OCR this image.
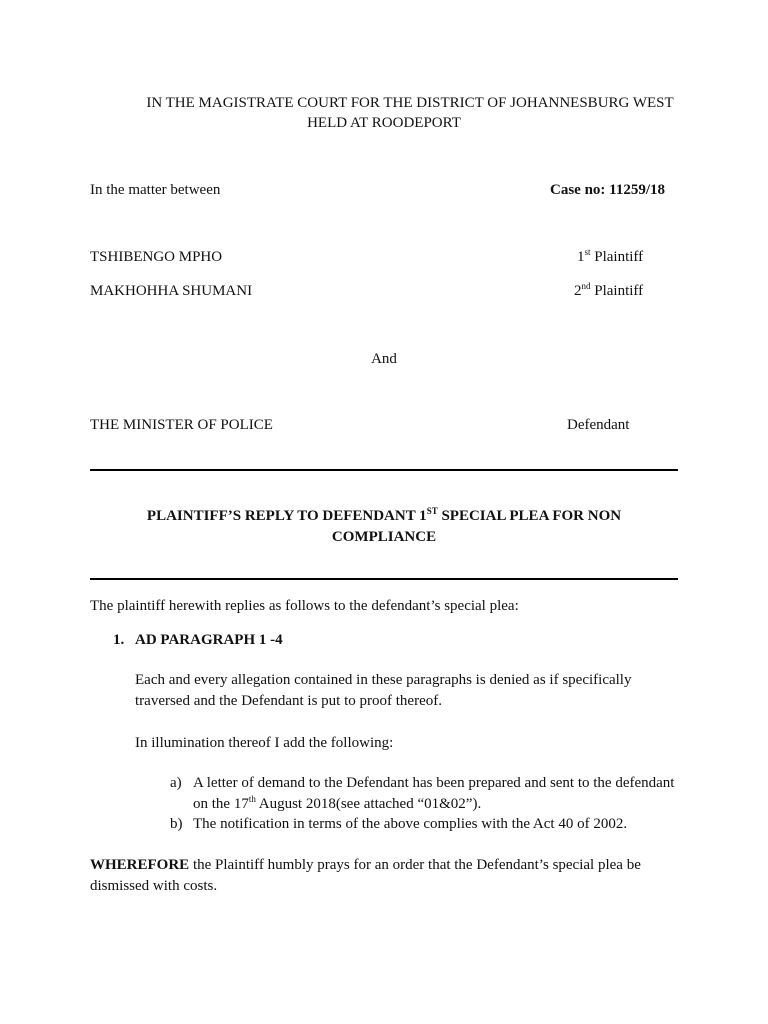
IN THE MAGISTRATE COURT FOR THE DISTRICT OF JOHANNESBURG WEST
HELD AT ROODEPORT
In the matter between	Case no: 11259/18
TSHIBENGO MPHO	1st Plaintiff
MAKHOHHA SHUMANI	2nd Plaintiff
And
THE MINISTER OF POLICE	Defendant
PLAINTIFF’S REPLY TO DEFENDANT 1ST SPECIAL PLEA FOR NON
COMPLIANCE
The plaintiff herewith replies as follows to the defendant’s special plea:
1. AD PARAGRAPH 1 -4
Each and every allegation contained in these paragraphs is denied as if specifically
traversed and the Defendant is put to proof thereof.
In illumination thereof I add the following:
a) A letter of demand to the Defendant has been prepared and sent to the defendant
on the 17th August 2018(see attached “01&02”).
b) The notification in terms of the above complies with the Act 40 of 2002.
WHEREFORE the Plaintiff humbly prays for an order that the Defendant’s special plea be
dismissed with costs.
